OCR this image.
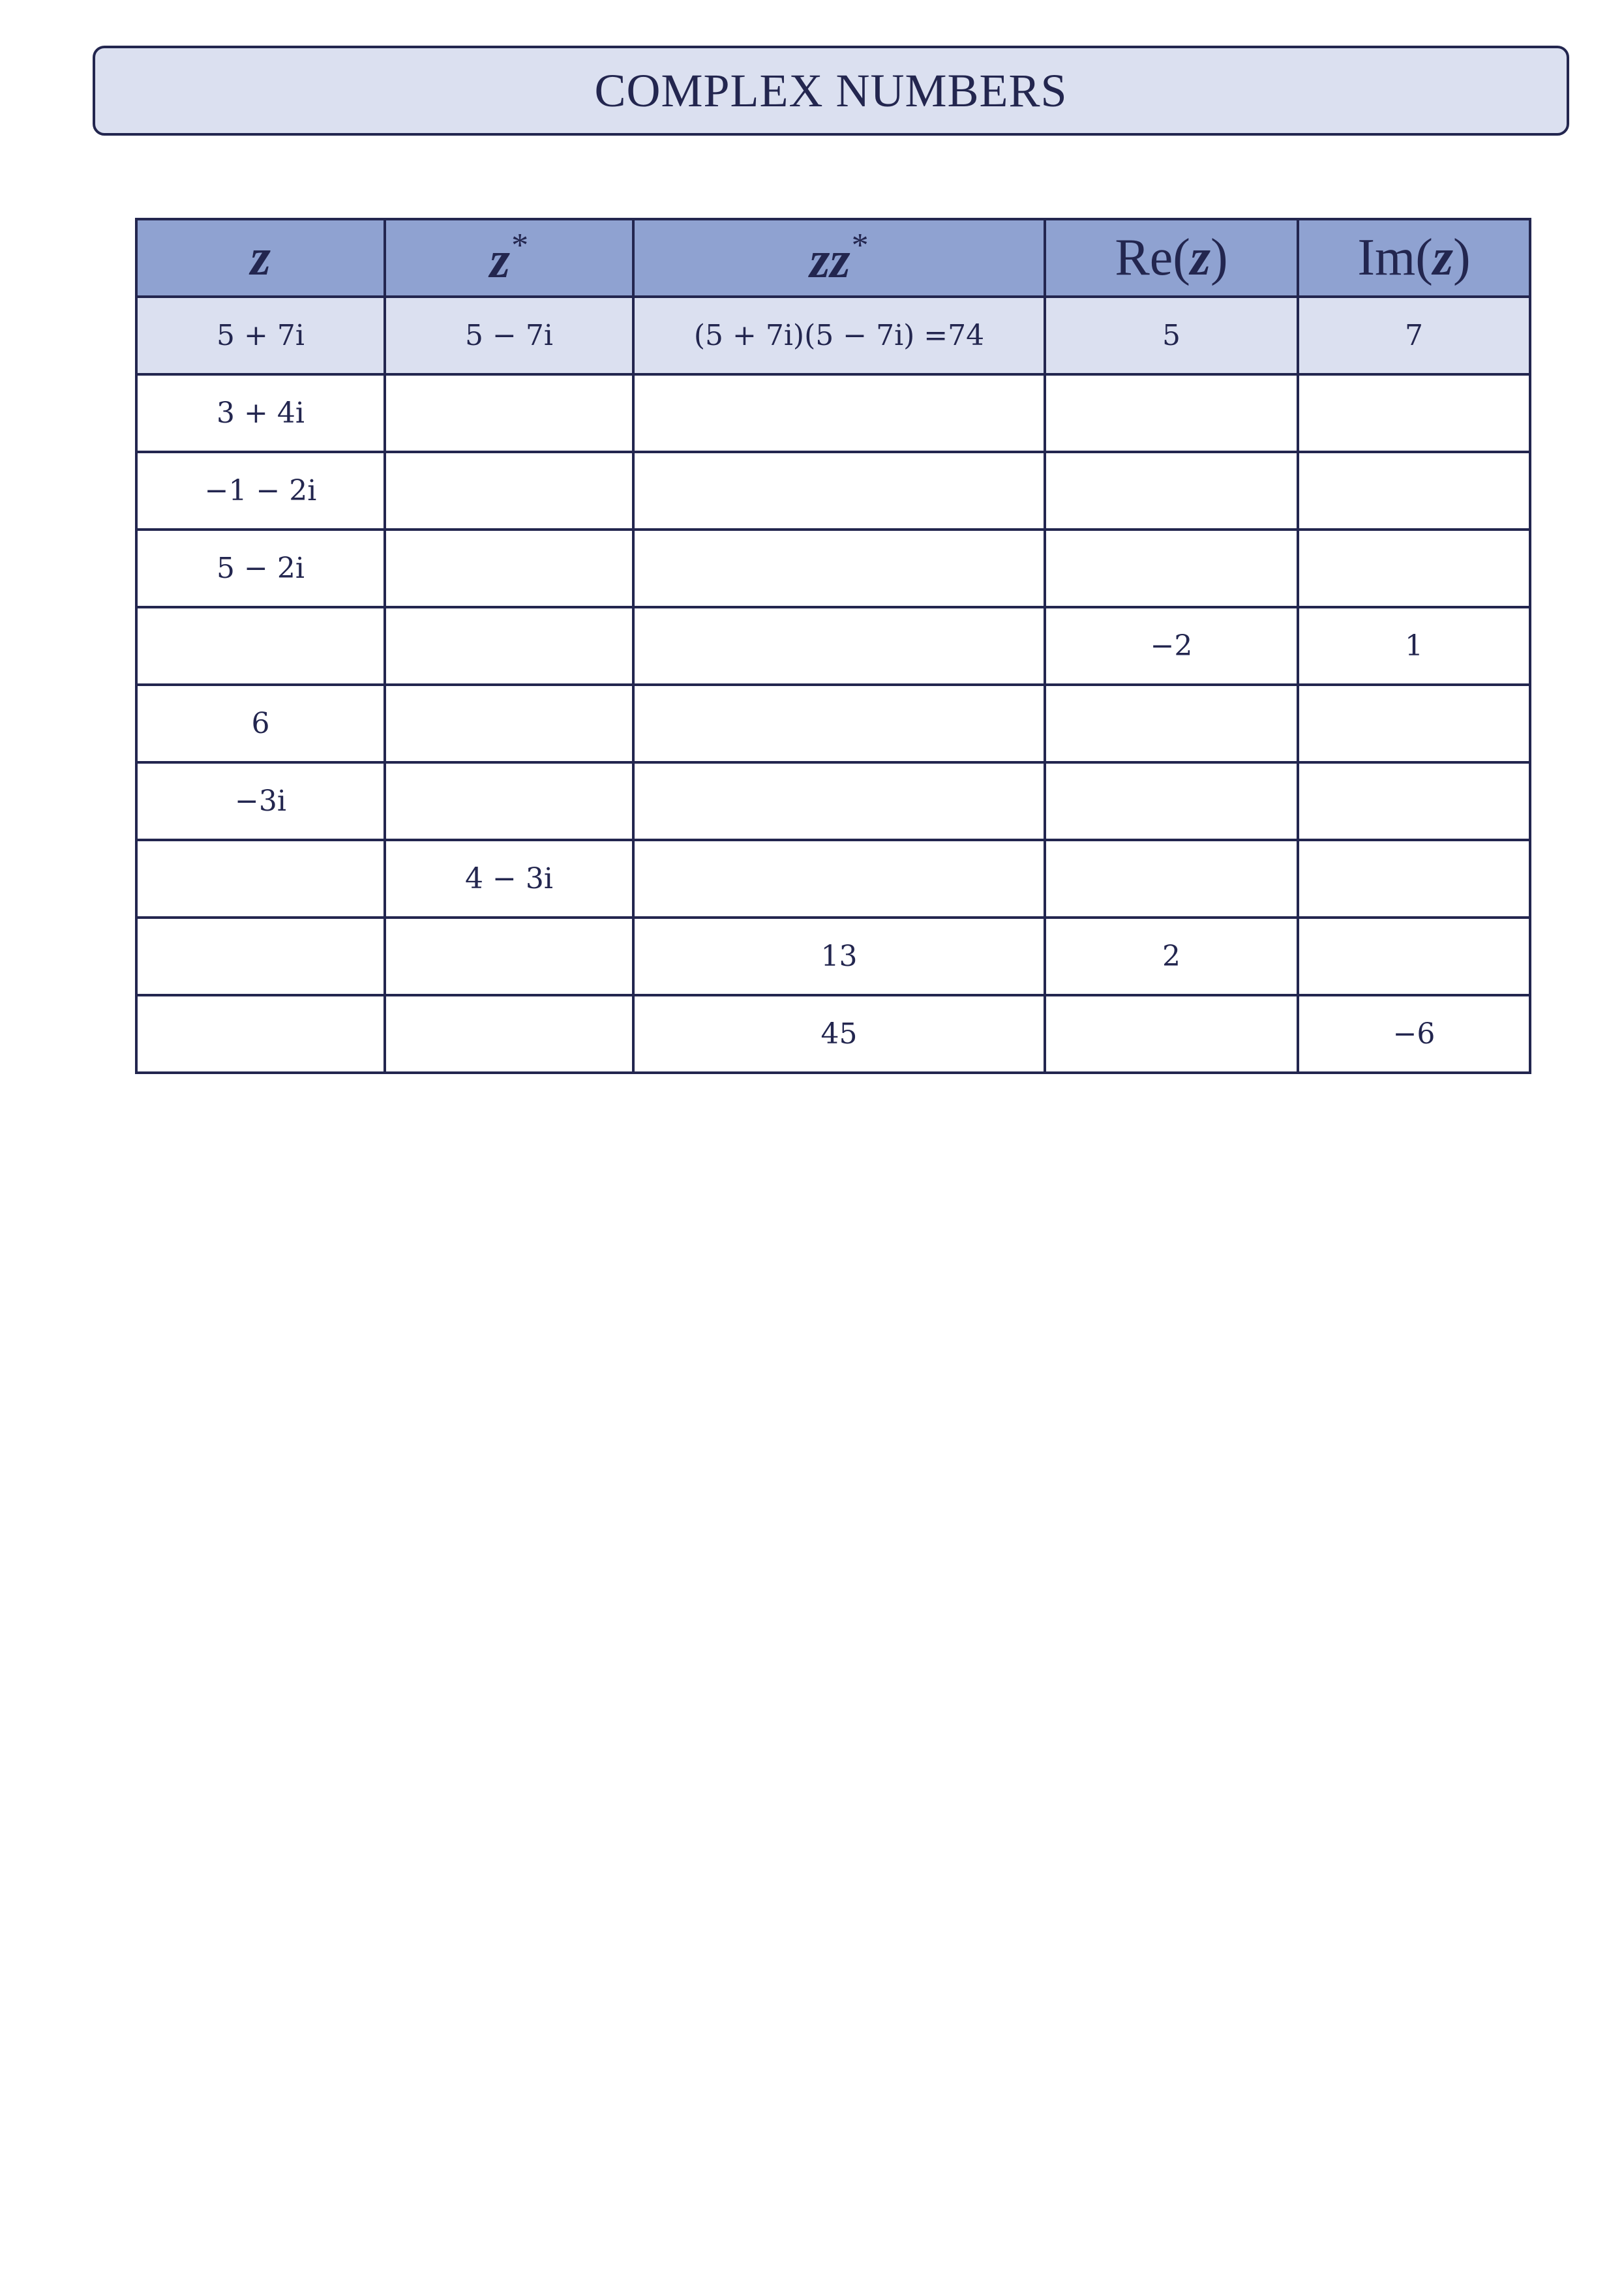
COMPLEX NUMBERS
z	z*	zz*	Re(z)	Im(z)
5 + 7i	5 − 7i	(5 + 7i)(5 − 7i) =74	5	7
3 + 4i				
−1 − 2i				
5 − 2i				
			−2	1
6				
−3i				
	4 − 3i			
		13	2	
		45		−6
